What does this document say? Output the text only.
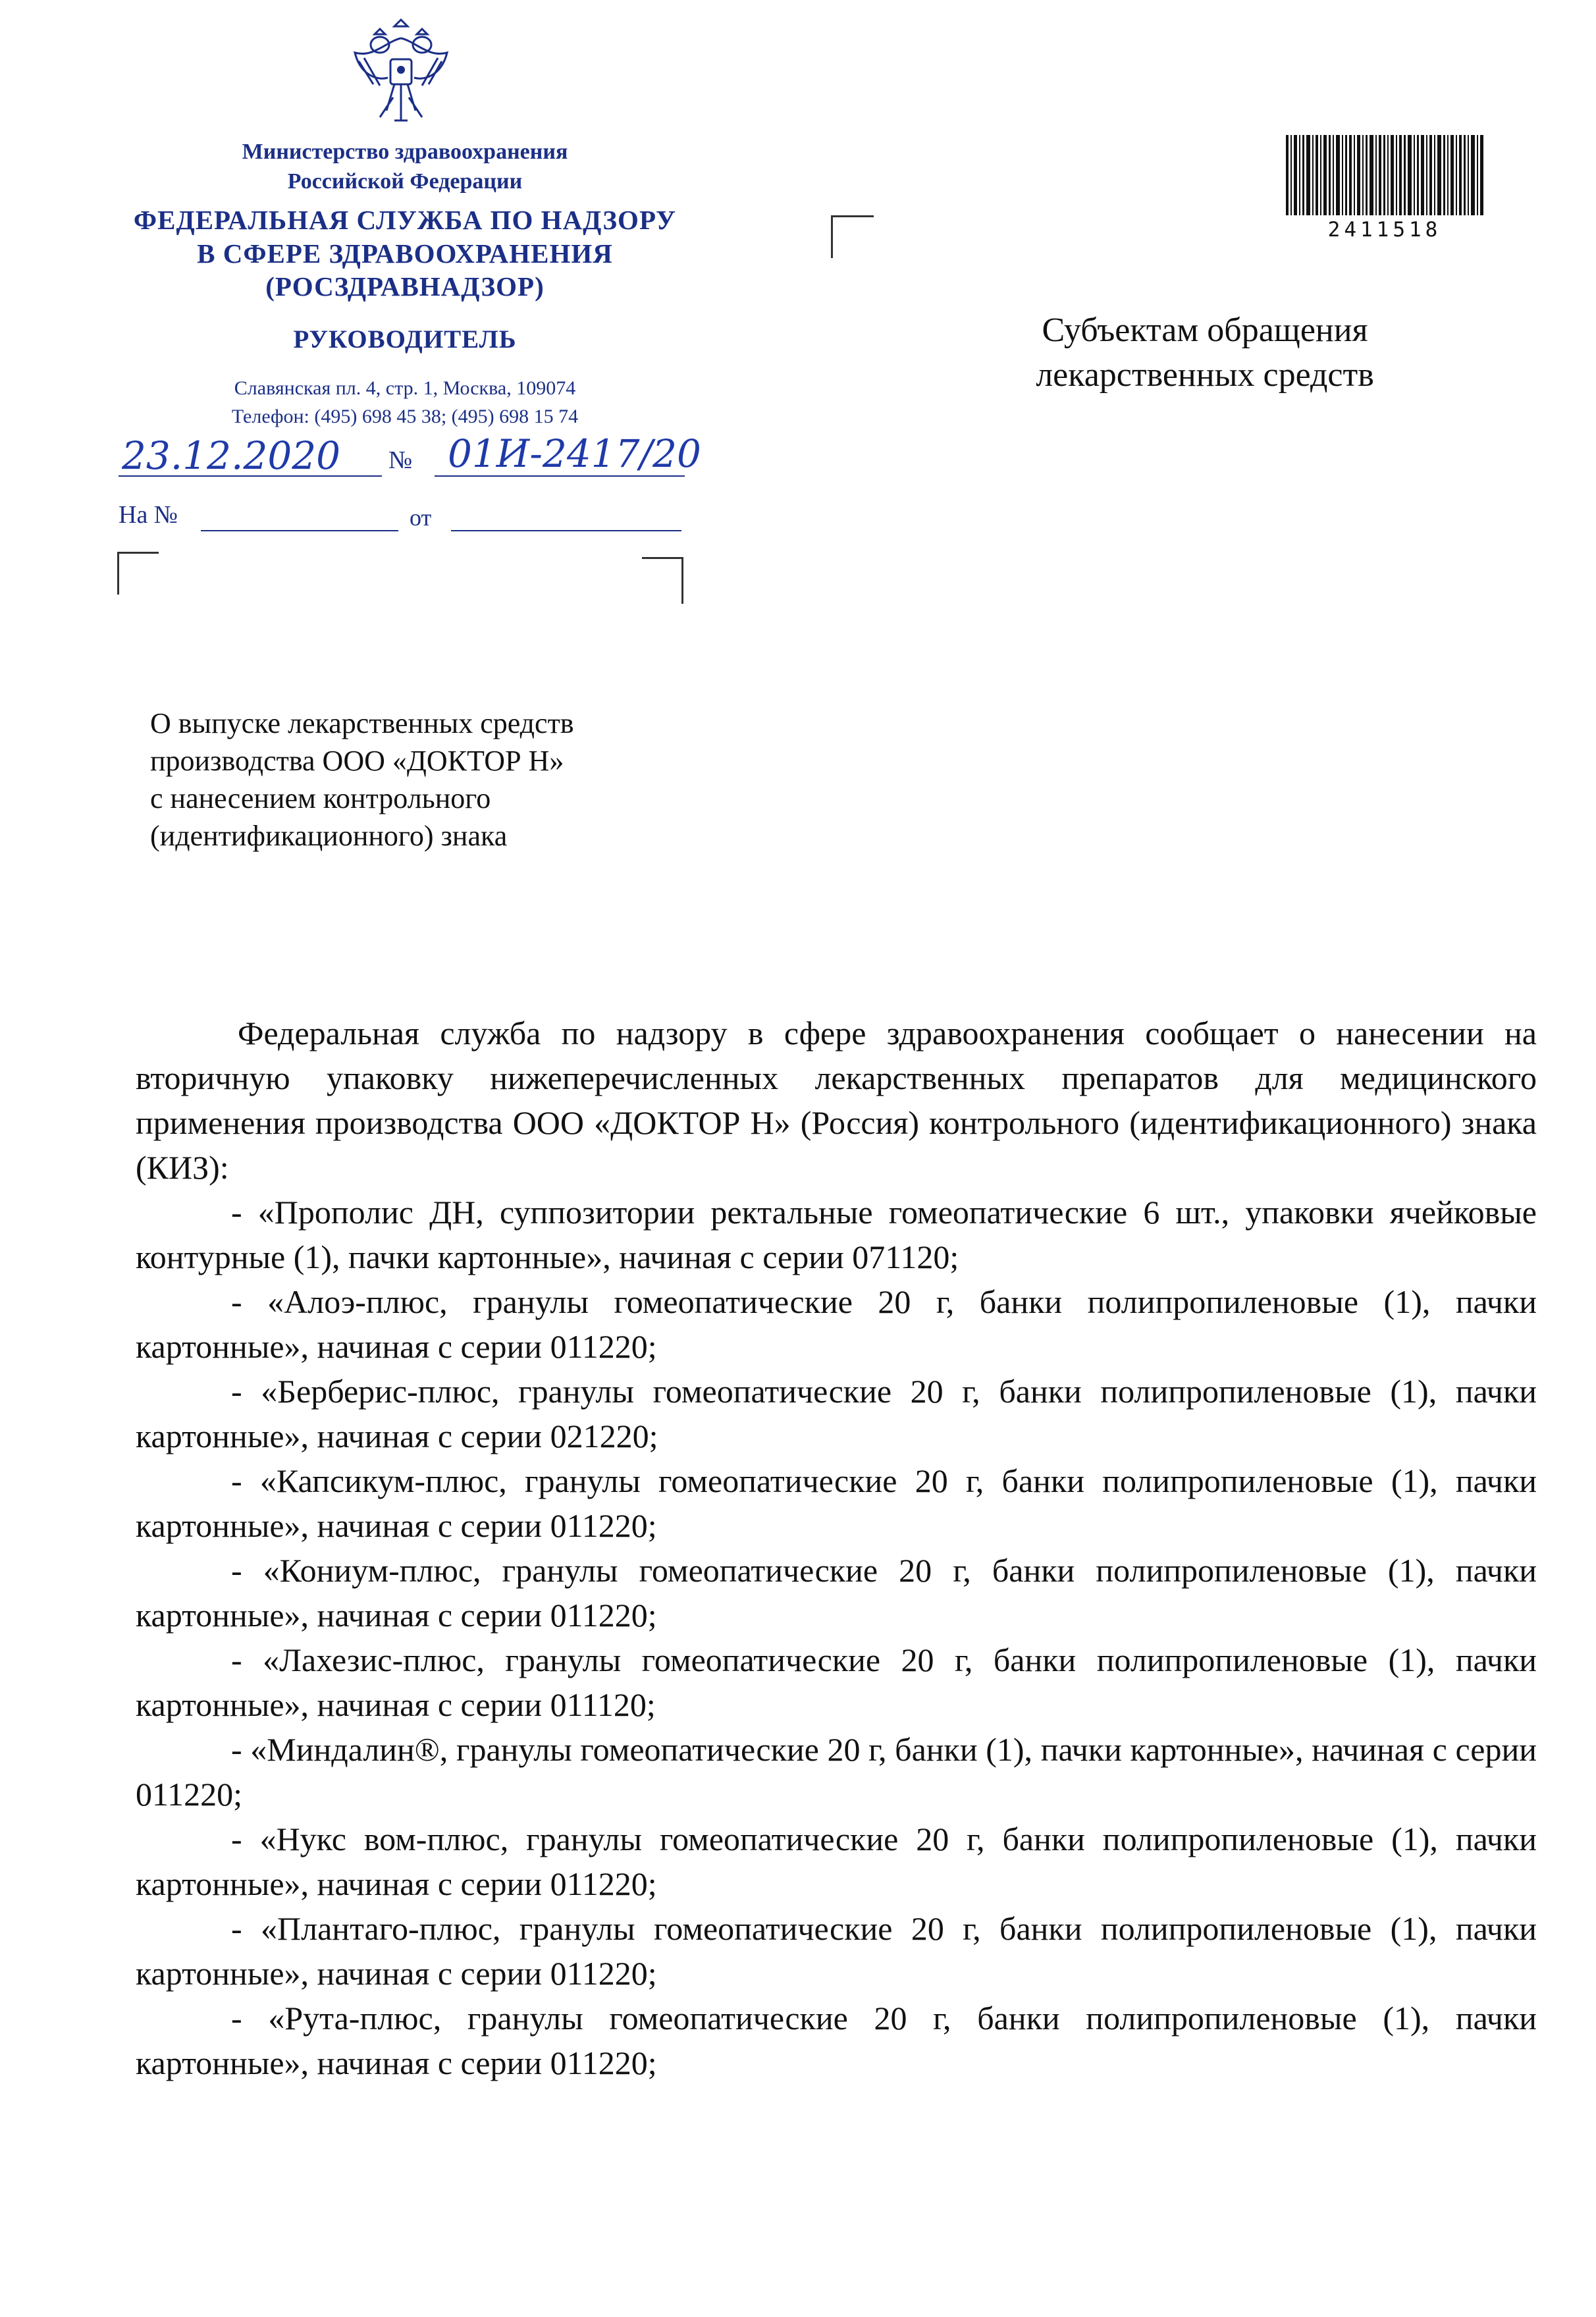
Министерство здравоохранения
Российской Федерации
ФЕДЕРАЛЬНАЯ СЛУЖБА ПО НАДЗОРУ
В СФЕРЕ ЗДРАВООХРАНЕНИЯ
(РОСЗДРАВНАДЗОР)
РУКОВОДИТЕЛЬ
Славянская пл. 4, стр. 1, Москва, 109074
Телефон: (495) 698 45 38; (495) 698 15 74
23.12.2020 № 01И-2417/20
На №	от
2411518
Субъектам обращения
лекарственных средств
О выпуске лекарственных средств
производства ООО «ДОКТОР Н»
с нанесением контрольного
(идентификационного) знака

Федеральная служба по надзору в сфере здравоохранения сообщает о нанесении на вторичную упаковку нижеперечисленных лекарственных препаратов для медицинского применения производства ООО «ДОКТОР Н» (Россия) контрольного (идентификационного) знака (КИЗ):

- «Прополис ДН, суппозитории ректальные гомеопатические 6 шт., упаковки ячейковые контурные (1), пачки картонные», начиная с серии 071120;

- «Алоэ-плюс, гранулы гомеопатические 20 г, банки полипропиленовые (1), пачки картонные», начиная с серии 011220;

- «Берберис-плюс, гранулы гомеопатические 20 г, банки полипропиленовые (1), пачки картонные», начиная с серии 021220;

- «Капсикум-плюс, гранулы гомеопатические 20 г, банки полипропиленовые (1), пачки картонные», начиная с серии 011220;

- «Кониум-плюс, гранулы гомеопатические 20 г, банки полипропиленовые (1), пачки картонные», начиная с серии 011220;

- «Лахезис-плюс, гранулы гомеопатические 20 г, банки полипропиленовые (1), пачки картонные», начиная с серии 011120;

- «Миндалин®, гранулы гомеопатические 20 г, банки (1), пачки картонные», начиная с серии 011220;

- «Нукс вом-плюс, гранулы гомеопатические 20 г, банки полипропиленовые (1), пачки картонные», начиная с серии 011220;

- «Плантаго-плюс, гранулы гомеопатические 20 г, банки полипропиленовые (1), пачки картонные», начиная с серии 011220;

- «Рута-плюс, гранулы гомеопатические 20 г, банки полипропиленовые (1), пачки картонные», начиная с серии 011220;
